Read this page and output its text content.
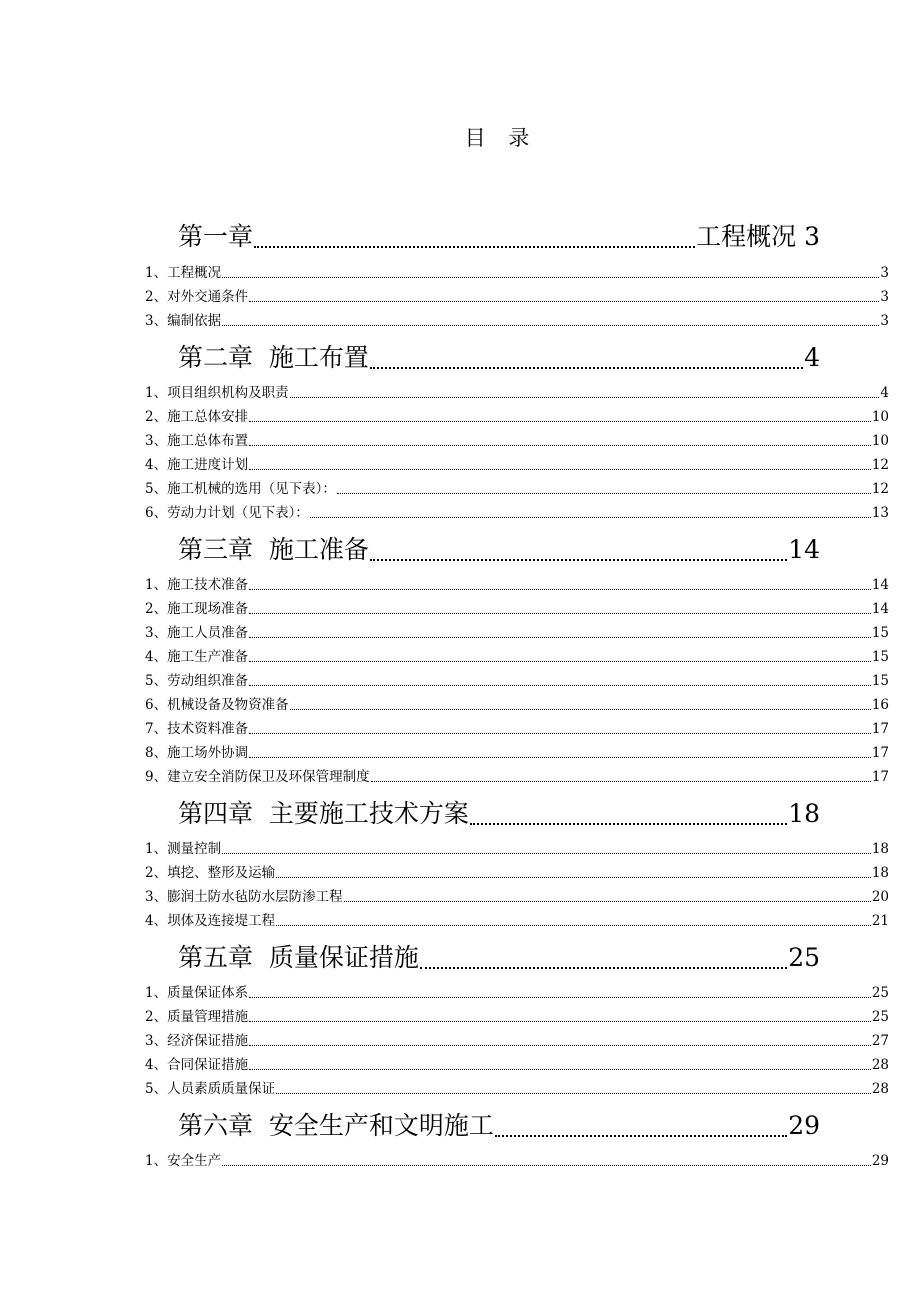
目 录
第一章	工程概况 3
1、工程概况	3
2、对外交通条件	3
3、编制依据	3
第二章  施工布置	4
1、项目组织机构及职责	4
2、施工总体安排	10
3、施工总体布置	10
4、施工进度计划	12
5、施工机械的选用（见下表）：	12
6、劳动力计划（见下表）：	13
第三章  施工准备	14
1、施工技术准备	14
2、施工现场准备	14
3、施工人员准备	15
4、施工生产准备	15
5、劳动组织准备	15
6、机械设备及物资准备	16
7、技术资料准备	17
8、施工场外协调	17
9、建立安全消防保卫及环保管理制度	17
第四章  主要施工技术方案	18
1、测量控制	18
2、填挖、整形及运输	18
3、膨润土防水毡防水层防渗工程	20
4、坝体及连接堤工程	21
第五章  质量保证措施	25
1、质量保证体系	25
2、质量管理措施	25
3、经济保证措施	27
4、合同保证措施	28
5、人员素质质量保证	28
第六章  安全生产和文明施工	29
1、安全生产	29
